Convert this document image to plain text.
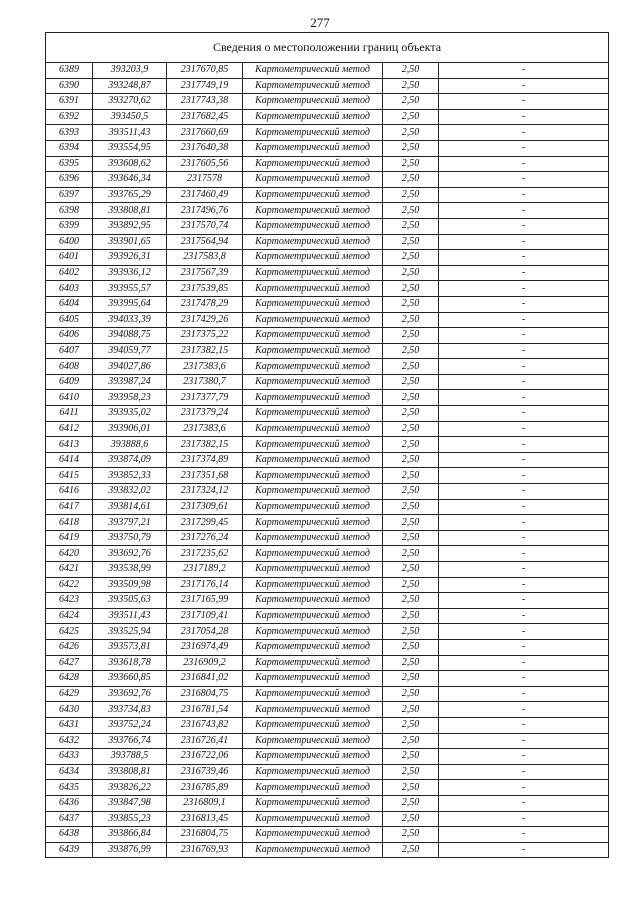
277
Сведения о местоположении границ объекта					
6389	393203,9	2317670,85	Картометрический метод	2,50	-
6390	393248,87	2317749,19	Картометрический метод	2,50	-
6391	393270,62	2317743,38	Картометрический метод	2,50	-
6392	393450,5	2317682,45	Картометрический метод	2,50	-
6393	393511,43	2317660,69	Картометрический метод	2,50	-
6394	393554,95	2317640,38	Картометрический метод	2,50	-
6395	393608,62	2317605,56	Картометрический метод	2,50	-
6396	393646,34	2317578	Картометрический метод	2,50	-
6397	393765,29	2317460,49	Картометрический метод	2,50	-
6398	393808,81	2317496,76	Картометрический метод	2,50	-
6399	393892,95	2317570,74	Картометрический метод	2,50	-
6400	393901,65	2317564,94	Картометрический метод	2,50	-
6401	393926,31	2317583,8	Картометрический метод	2,50	-
6402	393936,12	2317567,39	Картометрический метод	2,50	-
6403	393955,57	2317539,85	Картометрический метод	2,50	-
6404	393995,64	2317478,29	Картометрический метод	2,50	-
6405	394033,39	2317429,26	Картометрический метод	2,50	-
6406	394088,75	2317375,22	Картометрический метод	2,50	-
6407	394059,77	2317382,15	Картометрический метод	2,50	-
6408	394027,86	2317383,6	Картометрический метод	2,50	-
6409	393987,24	2317380,7	Картометрический метод	2,50	-
6410	393958,23	2317377,79	Картометрический метод	2,50	-
6411	393935,02	2317379,24	Картометрический метод	2,50	-
6412	393906,01	2317383,6	Картометрический метод	2,50	-
6413	393888,6	2317382,15	Картометрический метод	2,50	-
6414	393874,09	2317374,89	Картометрический метод	2,50	-
6415	393852,33	2317351,68	Картометрический метод	2,50	-
6416	393832,02	2317324,12	Картометрический метод	2,50	-
6417	393814,61	2317309,61	Картометрический метод	2,50	-
6418	393797,21	2317299,45	Картометрический метод	2,50	-
6419	393750,79	2317276,24	Картометрический метод	2,50	-
6420	393692,76	2317235,62	Картометрический метод	2,50	-
6421	393538,99	2317189,2	Картометрический метод	2,50	-
6422	393509,98	2317176,14	Картометрический метод	2,50	-
6423	393505,63	2317165,99	Картометрический метод	2,50	-
6424	393511,43	2317109,41	Картометрический метод	2,50	-
6425	393525,94	2317054,28	Картометрический метод	2,50	-
6426	393573,81	2316974,49	Картометрический метод	2,50	-
6427	393618,78	2316909,2	Картометрический метод	2,50	-
6428	393660,85	2316841,02	Картометрический метод	2,50	-
6429	393692,76	2316804,75	Картометрический метод	2,50	-
6430	393734,83	2316781,54	Картометрический метод	2,50	-
6431	393752,24	2316743,82	Картометрический метод	2,50	-
6432	393766,74	2316726,41	Картометрический метод	2,50	-
6433	393788,5	2316722,06	Картометрический метод	2,50	-
6434	393808,81	2316739,46	Картометрический метод	2,50	-
6435	393826,22	2316785,89	Картометрический метод	2,50	-
6436	393847,98	2316809,1	Картометрический метод	2,50	-
6437	393855,23	2316813,45	Картометрический метод	2,50	-
6438	393866,84	2316804,75	Картометрический метод	2,50	-
6439	393876,99	2316769,93	Картометрический метод	2,50	-
